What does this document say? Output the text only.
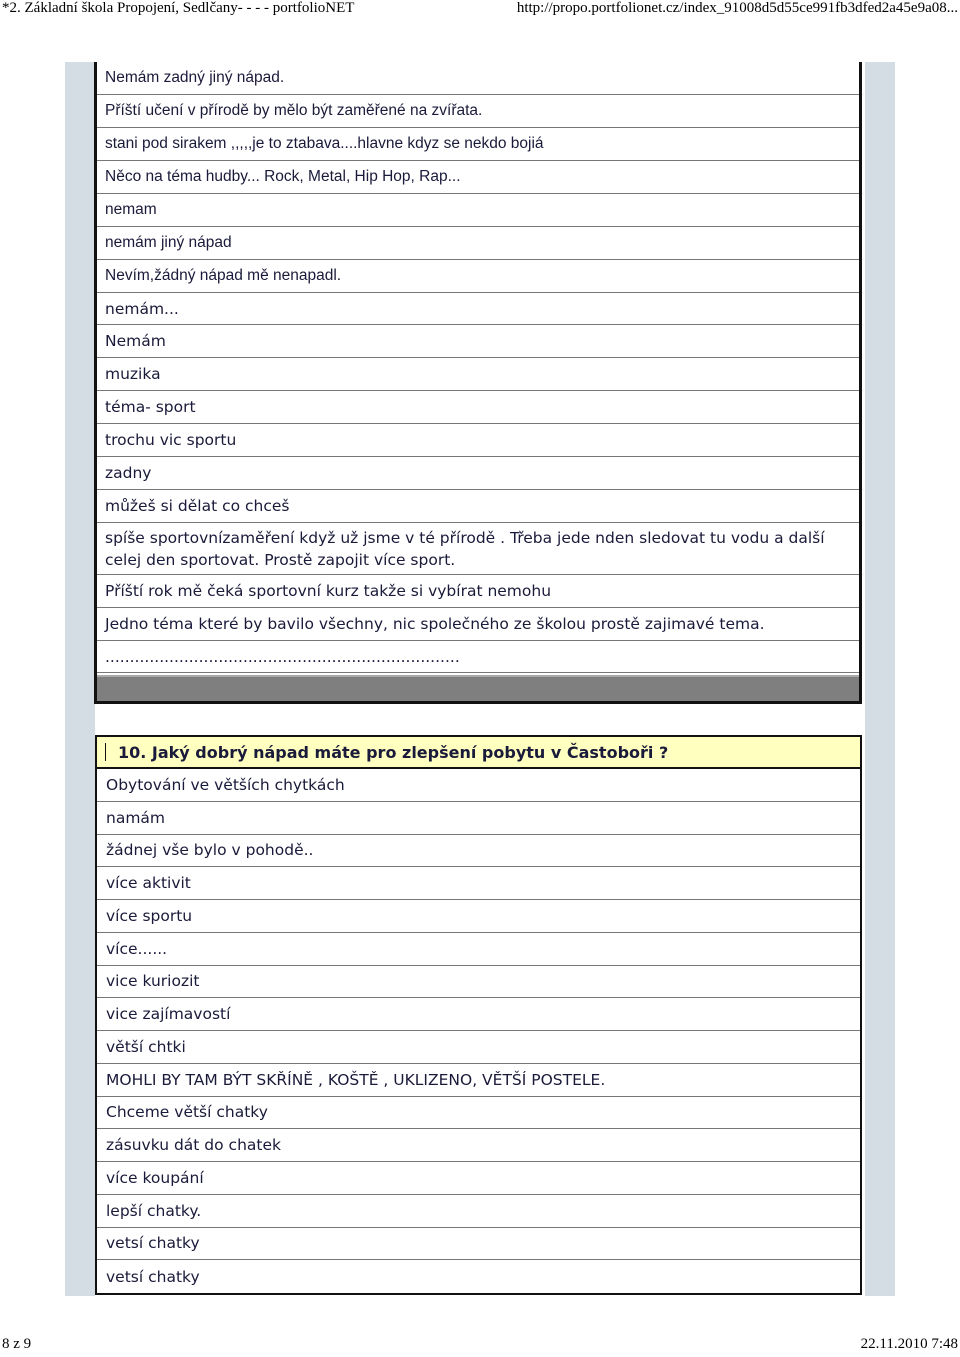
*2. Základní škola Propojení, Sedlčany- - - - portfolioNET	http://propo.portfolionet.cz/index_91008d5d55ce991fb3dfed2a45e9a08...
Nemám zadný jiný nápad.
Příští učení v přírodě by mělo být zaměřené na zvířata.
stani pod sirakem ,,,,,je to ztabava....hlavne kdyz se nekdo bojiá
Něco na téma hudby... Rock, Metal, Hip Hop, Rap...
nemam
nemám jiný nápad
Nevím,žádný nápad mě nenapadl.
nemám...
Nemám
muzika
téma- sport
trochu vic sportu
zadny
můžeš si dělat co chceš
spíše sportovnízaměření když už jsme v té přírodě . Třeba jede nden sledovat tu vodu a další celej den sportovat. Prostě zapojit více sport.
Příští rok mě čeká sportovní kurz takže si vybírat nemohu
Jedno téma které by bavilo všechny, nic společného ze školou prostě zajimavé tema.
........................................................................
10. Jaký dobrý nápad máte pro zlepšení pobytu v Častoboři ?
Obytování ve větších chytkách
namám
žádnej vše bylo v pohodě..
více aktivit
více sportu
více......
vice kuriozit
vice zajímavostí
větší chtki
MOHLI BY TAM BÝT SKŘÍNĚ , KOŠTĚ , UKLIZENO, VĚTŠÍ POSTELE.
Chceme větší chatky
zásuvku dát do chatek
více koupání
lepší chatky.
vetsí chatky
vetsí chatky
8 z 9	22.11.2010 7:48
